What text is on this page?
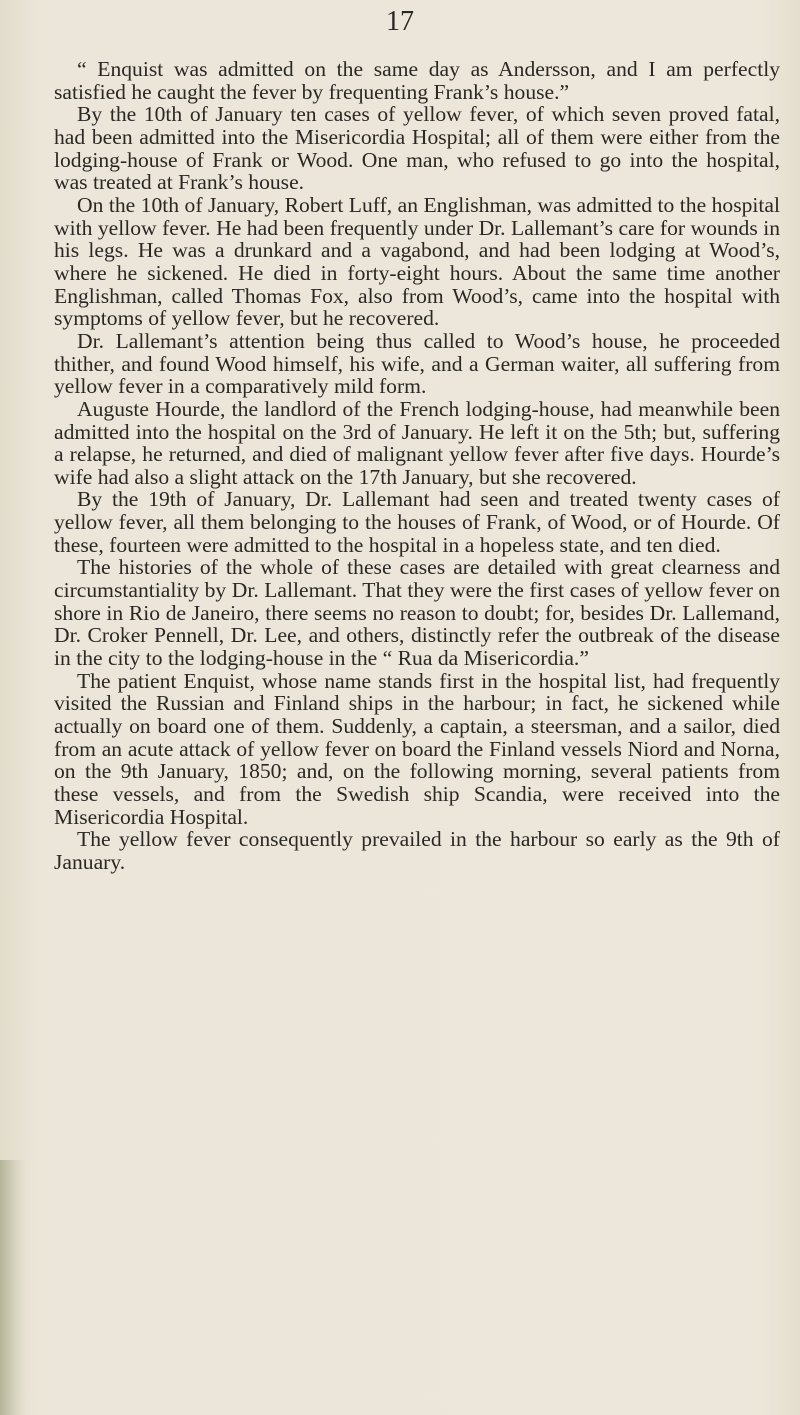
17

“ Enquist was admitted on the same day as Andersson, and I am perfectly satisfied he caught the fever by frequenting Frank’s house.”

By the 10th of January ten cases of yellow fever, of which seven proved fatal, had been admitted into the Misericordia Hospital; all of them were either from the lodging-house of Frank or Wood. One man, who refused to go into the hospital, was treated at Frank’s house.

On the 10th of January, Robert Luff, an Englishman, was admitted to the hospital with yellow fever. He had been frequently under Dr. Lallemant’s care for wounds in his legs. He was a drunkard and a vagabond, and had been lodging at Wood’s, where he sickened. He died in forty-eight hours. About the same time another Englishman, called Thomas Fox, also from Wood’s, came into the hospital with symptoms of yellow fever, but he recovered.

Dr. Lallemant’s attention being thus called to Wood’s house, he proceeded thither, and found Wood himself, his wife, and a German waiter, all suffering from yellow fever in a comparatively mild form.

Auguste Hourde, the landlord of the French lodging-house, had meanwhile been admitted into the hospital on the 3rd of January. He left it on the 5th; but, suffering a relapse, he returned, and died of malignant yellow fever after five days. Hourde’s wife had also a slight attack on the 17th January, but she recovered.

By the 19th of January, Dr. Lallemant had seen and treated twenty cases of yellow fever, all them belonging to the houses of Frank, of Wood, or of Hourde. Of these, fourteen were admitted to the hospital in a hopeless state, and ten died.

The histories of the whole of these cases are detailed with great clearness and circumstantiality by Dr. Lallemant. That they were the first cases of yellow fever on shore in Rio de Janeiro, there seems no reason to doubt; for, besides Dr. Lallemand, Dr. Croker Pennell, Dr. Lee, and others, distinctly refer the outbreak of the disease in the city to the lodging-house in the “ Rua da Misericordia.”

The patient Enquist, whose name stands first in the hospital list, had frequently visited the Russian and Finland ships in the harbour; in fact, he sickened while actually on board one of them. Suddenly, a captain, a steersman, and a sailor, died from an acute attack of yellow fever on board the Finland vessels Niord and Norna, on the 9th January, 1850; and, on the following morning, several patients from these vessels, and from the Swedish ship Scandia, were received into the Misericordia Hospital.

The yellow fever consequently prevailed in the harbour so early as the 9th of January.
